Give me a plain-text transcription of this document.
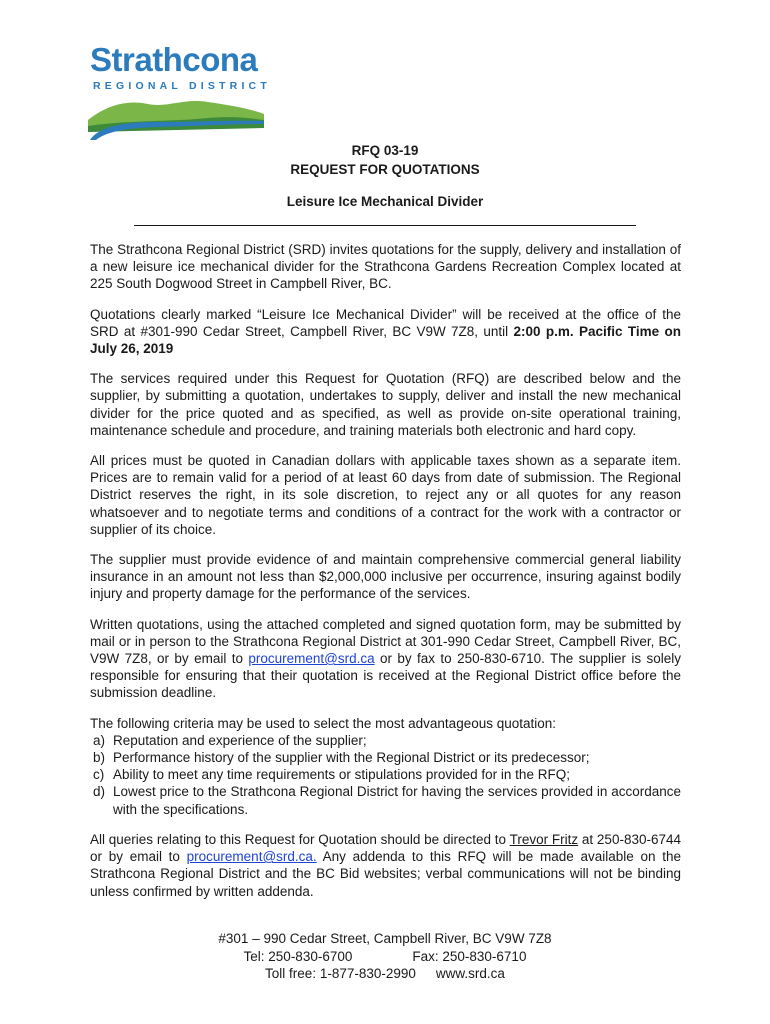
Strathcona
REGIONAL DISTRICT
RFQ 03-19
REQUEST FOR QUOTATIONS
Leisure Ice Mechanical Divider

The Strathcona Regional District (SRD) invites quotations for the supply, delivery and installation of a new leisure ice mechanical divider for the Strathcona Gardens Recreation Complex located at 225 South Dogwood Street in Campbell River, BC.

Quotations clearly marked “Leisure Ice Mechanical Divider” will be received at the office of the SRD at #301-990 Cedar Street, Campbell River, BC V9W 7Z8, until 2:00 p.m. Pacific Time on July 26, 2019

The services required under this Request for Quotation (RFQ) are described below and the supplier, by submitting a quotation, undertakes to supply, deliver and install the new mechanical divider for the price quoted and as specified, as well as provide on-site operational training, maintenance schedule and procedure, and training materials both electronic and hard copy.

All prices must be quoted in Canadian dollars with applicable taxes shown as a separate item. Prices are to remain valid for a period of at least 60 days from date of submission. The Regional District reserves the right, in its sole discretion, to reject any or all quotes for any reason whatsoever and to negotiate terms and conditions of a contract for the work with a contractor or supplier of its choice.

The supplier must provide evidence of and maintain comprehensive commercial general liability insurance in an amount not less than $2,000,000 inclusive per occurrence, insuring against bodily injury and property damage for the performance of the services.

Written quotations, using the attached completed and signed quotation form, may be submitted by mail or in person to the Strathcona Regional District at 301-990 Cedar Street, Campbell River, BC, V9W 7Z8, or by email to procurement@srd.ca or by fax to 250-830-6710. The supplier is solely responsible for ensuring that their quotation is received at the Regional District office before the submission deadline.

The following criteria may be used to select the most advantageous quotation:
a) Reputation and experience of the supplier;
b) Performance history of the supplier with the Regional District or its predecessor;
c) Ability to meet any time requirements or stipulations provided for in the RFQ;
d) Lowest price to the Strathcona Regional District for having the services provided in accordance with the specifications.

All queries relating to this Request for Quotation should be directed to Trevor Fritz at 250-830-6744 or by email to procurement@srd.ca. Any addenda to this RFQ will be made available on the Strathcona Regional District and the BC Bid websites; verbal communications will not be binding unless confirmed by written addenda.

#301 – 990 Cedar Street, Campbell River, BC V9W 7Z8
Tel: 250-830-6700	Fax: 250-830-6710
Toll free: 1-877-830-2990 www.srd.ca
